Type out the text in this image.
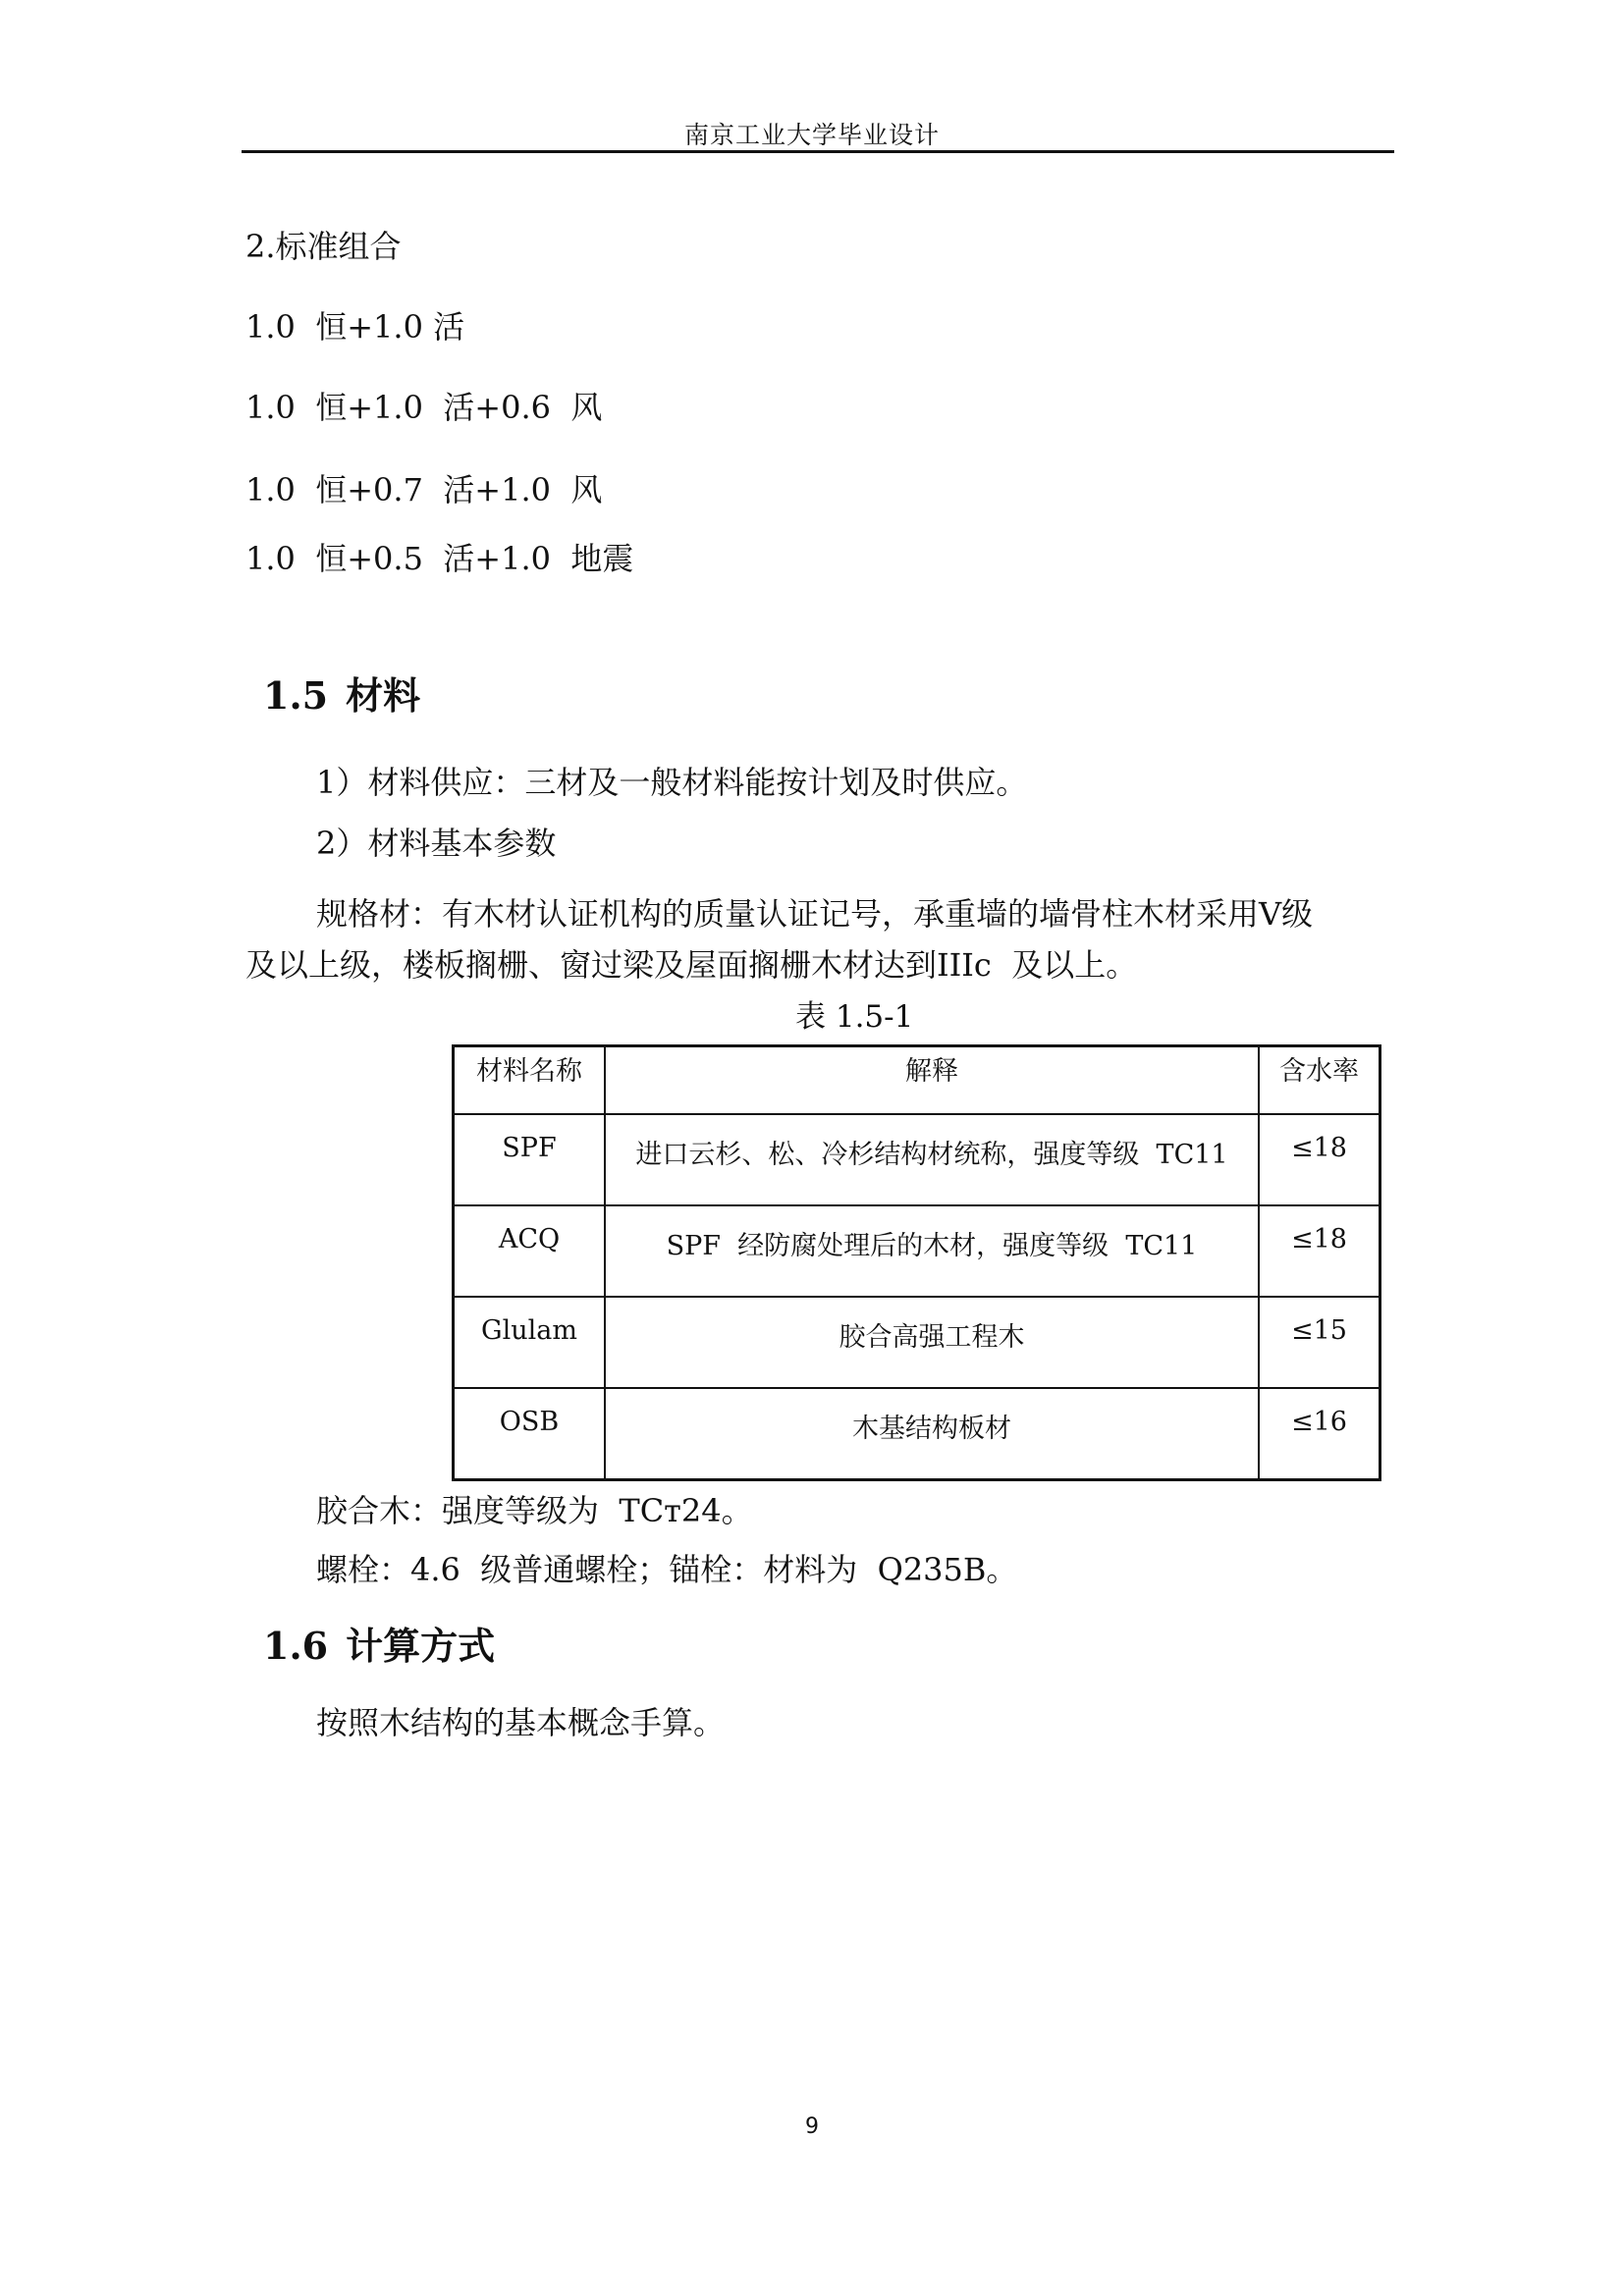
南京工业大学毕业设计
2.标准组合
1.0  恒+1.0 活
1.0  恒+1.0  活+0.6  风
1.0  恒+0.7  活+1.0  风
1.0  恒+0.5  活+1.0  地震
1.5 材料
1）材料供应：三材及一般材料能按计划及时供应。
2）材料基本参数
规格材：有木材认证机构的质量认证记号，承重墙的墙骨柱木材采用V级
及以上级，楼板搁栅、窗过梁及屋面搁栅木材达到IIIc  及以上。
表 1.5-1
材料名称	解释	含水率
SPF	进口云杉、松、冷杉结构材统称，强度等级  TC11	≤18
ACQ	SPF  经防腐处理后的木材，强度等级  TC11	≤18
Glulam	胶合高强工程木	≤15
OSB	木基结构板材	≤16
胶合木：强度等级为  TCт24。
螺栓：4.6  级普通螺栓；锚栓：材料为  Q235B。
1.6 计算方式
按照木结构的基本概念手算。
9
